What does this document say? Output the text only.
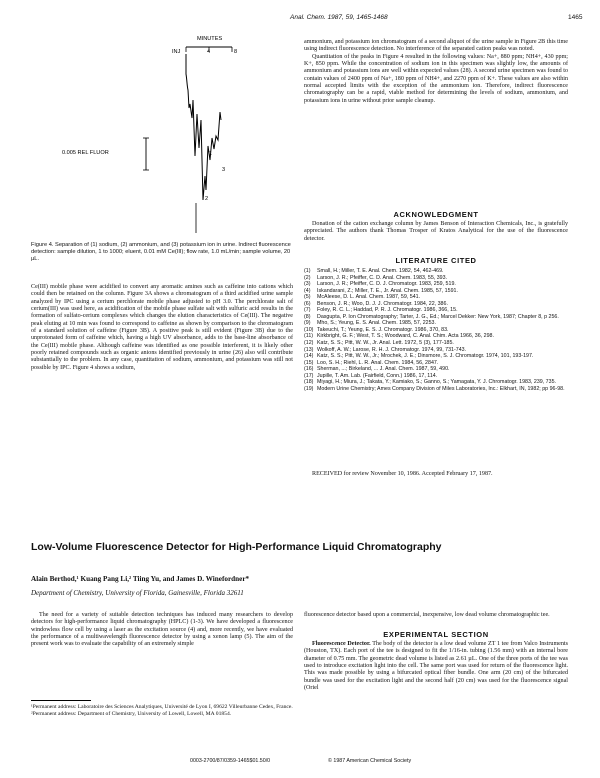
Anal. Chem. 1987, 59, 1465-1468	1465
MINUTES
INJ	4	8
0.005 REL FLUOR	1
2
3
Figure 4. Separation of (1) sodium, (2) ammonium, and (3) potassium ion in urine. Indirect fluorescence detection: sample dilution, 1 to 1000; eluent, 0.01 mM Ce(III); flow rate, 1.0 mL/min; sample volume, 20 µL.

Ce(III) mobile phase were acidified to convert any aromatic amines such as caffeine into cations which could then be retained on the column. Figure 3A shows a chromatogram of a third acidified urine sample analyzed by IPC using a cerium perchlorate mobile phase adjusted to pH 3.0. The perchlorate salt of cerium(III) was used here, as acidification of the mobile phase sulfate salt with sulfuric acid results in the formation of sulfato-cerium complexes which changes the elution characteristics of Ce(III). The negative peak eluting at 10 min was found to correspond to caffeine as shown by comparison to the chromatogram of a standard solution of caffeine (Figure 3B). A positive peak is still evident (Figure 3B) due to the unprotonated form of caffeine which, having a high UV absorbance, adds to the base-line absorbance of the Ce(III) mobile phase. Although caffeine was identified as one possible interferent, it is likely other poorly retained compounds such as organic anions identified previously in urine (26) also will contribute substantially to the problem. In any case, quantitation of sodium, ammonium, and potassium was still not possible by IPC. Figure 4 shows a sodium,

ammonium, and potassium ion chromatogram of a second aliquot of the urine sample in Figure 2B this time using indirect fluorescence detection. No interference of the separated cation peaks was noted.

Quantitation of the peaks in Figure 4 resulted in the following values: Na+, 880 ppm; NH4+, 430 ppm; K+, 850 ppm. While the concentration of sodium ion in this specimen was slightly low, the amounts of ammonium and potassium ions are well within expected values (28). A second urine specimen was found to contain values of 2400 ppm of Na+, 180 ppm of NH4+, and 2270 ppm of K+. These values are also within normal accepted limits with the exception of the ammonium ion. Therefore, indirect fluorescence chromatography can be a rapid, viable method for determining the levels of sodium, ammonium, and potassium ions in urine without prior sample cleanup.

ACKNOWLEDGMENT

Donation of the cation exchange column by James Benson of Interaction Chemicals, Inc., is gratefully appreciated. The authors thank Thomas Trosper of Kratos Analytical for the use of the fluorescence detector.

LITERATURE CITED
(1)	Small, H.; Miller, T. E. Anal. Chem. 1982, 54, 462-469.
(2)	Larson, J. R.; Pfeiffer, C. D. Anal. Chem. 1983, 55, 393.
(3)	Larson, J. R.; Pfeiffer, C. D. J. Chromatogr. 1983, 259, 519.
(4)	Iskandarani, Z.; Miller, T. E., Jr. Anal. Chem. 1985, 57, 1591.
(5)	McAleese, D. L. Anal. Chem. 1987, 59, 541.
(6)	Benson, J. R.; Woo, D. J. J. Chromatogr. 1984, 22, 386.
(7)	Foley, R. C. L.; Haddad, P. R. J. Chromatogr. 1986, 366, 15.
(8)	Dasgupta, P. Ion Chromatography; Tarter, J. G., Ed.; Marcel Dekker: New York, 1987; Chapter 8, p 256.
(9)	Mho, S.; Yeung, E. S. Anal. Chem. 1985, 57, 2253.
(10) Takeuchi, T.; Yeung, E. S. J. Chromatogr. 1986, 370, 83.
(11) Kirkbright, G. F.; West, T. S.; Woodward, C. Anal. Chim. Acta 1966, 36, 298.
(12) Katz, S. S.; Pitt, W. W., Jr. Anal. Lett. 1972, 5 (3), 177-185.
(13) Wolkoff, A. W.; Larose, R. H. J. Chromatogr. 1974, 99, 731-743.
(14) Katz, S. S.; Pitt, W. W., Jr.; Mrochek, J. E.; Dinsmore, S. J. Chromatogr. 1974, 101, 193-197.
(15) Loo, S. H.; Riehl, L. R. Anal. Chem. 1984, 56, 2847.
(16) Sherman, ...; Birkeland, ... J. Anal. Chem. 1987, 59, 490.
(17) Jupille, T. Am. Lab. (Fairfield, Conn.) 1986, 17, 114.
(18) Miyagi, H.; Miura, J.; Takata, Y.; Kamiako, S.; Ganno, S.; Yamagata, Y. J. Chromatogr. 1983, 239, 735.
(19) Modern Urine Chemistry; Ames Company Division of Miles Laboratories, Inc.: Elkhart, IN, 1982; pp 96-98.

RECEIVED for review November 10, 1986. Accepted February 17, 1987.

Low-Volume Fluorescence Detector for High-Performance Liquid Chromatography
Alain Berthod,¹ Kuang Pang Li,² Tiing Yu, and James D. Winefordner*
Department of Chemistry, University of Florida, Gainesville, Florida 32611

The need for a variety of suitable detection techniques has induced many researchers to develop detectors for high-performance liquid chromatography (HPLC) (1-3). We have developed a fluorescence windowless flow cell by using a laser as the excitation source (4) and, more recently, we have evaluated the performance of a multiwavelength fluorescence detector by using a xenon lamp (5). The aim of the present work was to evaluate the capability of an extremely simple

¹Permanent address: Laboratoire des Sciences Analytiques, Université de Lyon I, 69622 Villeurbanne Cedex, France.
²Permanent address: Department of Chemistry, University of Lowell, Lowell, MA 01854.

fluorescence detector based upon a commercial, inexpensive, low dead volume chromatographic tee.

EXPERIMENTAL SECTION

Fluorescence Detector. The body of the detector is a low dead volume ZT 1 tee from Valco Instruments (Houston, TX). Each port of the tee is designed to fit the 1/16-in. tubing (1.56 mm) with an internal bore diameter of 0.75 mm. The geometric dead volume is listed as 2.61 µL. One of the three ports of the tee was used to introduce excitation light into the cell. The same port was used for return of the fluorescence light. This was made possible by using a bifurcated optical fiber bundle. One arm (20 cm) of the bifurcated bundle was used for the excitation light and the second half (20 cm) was used for the fluorescence signal (Oriel

0003-2700/87/0359-1465$01.50/0	© 1987 American Chemical Society
